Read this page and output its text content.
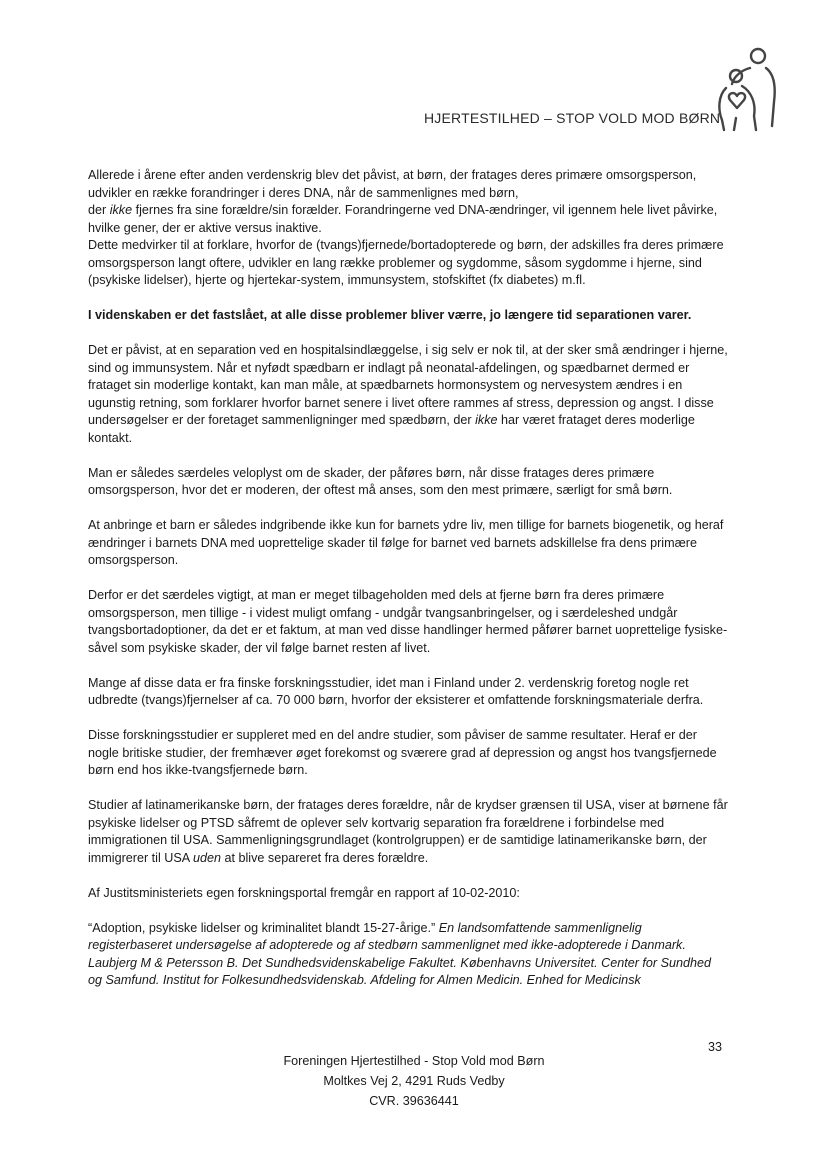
HJERTESTILHED – STOP VOLD MOD BØRN
Allerede i årene efter anden verdenskrig blev det påvist, at børn, der fratages deres primære omsorgsperson, udvikler en række forandringer i deres DNA, når de sammenlignes med børn,
der ikke fjernes fra sine forældre/sin forælder. Forandringerne ved DNA-ændringer, vil igennem hele livet påvirke, hvilke gener, der er aktive versus inaktive.
Dette medvirker til at forklare, hvorfor de (tvangs)fjernede/bortadopterede og børn, der adskilles fra deres primære omsorgsperson langt oftere, udvikler en lang række problemer og sygdomme, såsom sygdomme i hjerne, sind (psykiske lidelser), hjerte og hjertekar-system, immunsystem, stofskiftet (fx diabetes) m.fl.
I videnskaben er det fastslået, at alle disse problemer bliver værre, jo længere tid separationen varer.
Det er påvist, at en separation ved en hospitalsindlæggelse, i sig selv er nok til, at der sker små ændringer i hjerne, sind og immunsystem. Når et nyfødt spædbarn er indlagt på neonatal-afdelingen, og spædbarnet dermed er frataget sin moderlige kontakt, kan man måle, at spædbarnets hormonsystem og nervesystem ændres i en ugunstig retning, som forklarer hvorfor barnet senere i livet oftere rammes af stress, depression og angst. I disse undersøgelser er der foretaget sammenligninger med spædbørn, der ikke har været frataget deres moderlige kontakt.
Man er således særdeles veloplyst om de skader, der påføres børn, når disse fratages deres primære omsorgsperson, hvor det er moderen, der oftest må anses, som den mest primære, særligt for små børn.
At anbringe et barn er således indgribende ikke kun for barnets ydre liv, men tillige for barnets biogenetik, og heraf ændringer i barnets DNA med uoprettelige skader til følge for barnet ved barnets adskillelse fra dens primære omsorgsperson.
Derfor er det særdeles vigtigt, at man er meget tilbageholden med dels at fjerne børn fra deres primære omsorgsperson, men tillige - i videst muligt omfang - undgår tvangsanbringelser, og i særdeleshed undgår tvangsbortadoptioner, da det er et faktum, at man ved disse handlinger hermed påfører barnet uoprettelige fysiske- såvel som psykiske skader, der vil følge barnet resten af livet.
Mange af disse data er fra finske forskningsstudier, idet man i Finland under 2. verdenskrig foretog nogle ret udbredte (tvangs)fjernelser af ca. 70 000 børn, hvorfor der eksisterer et omfattende forskningsmateriale derfra.
Disse forskningsstudier er suppleret med en del andre studier, som påviser de samme resultater. Heraf er der nogle britiske studier, der fremhæver øget forekomst og sværere grad af depression og angst hos tvangsfjernede børn end hos ikke-tvangsfjernede børn.
Studier af latinamerikanske børn, der fratages deres forældre, når de krydser grænsen til USA, viser at børnene får psykiske lidelser og PTSD såfremt de oplever selv kortvarig separation fra forældrene i forbindelse med immigrationen til USA. Sammenligningsgrundlaget (kontrolgruppen) er de samtidige latinamerikanske børn, der immigrerer til USA uden at blive separeret fra deres forældre.
Af Justitsministeriets egen forskningsportal fremgår en rapport af 10-02-2010:
“Adoption, psykiske lidelser og kriminalitet blandt 15-27-årige.” En landsomfattende sammenlignelig registerbaseret undersøgelse af adopterede og af stedbørn sammenlignet med ikke-adopterede i Danmark. Laubjerg M & Petersson B. Det Sundhedsvidenskabelige Fakultet. Københavns Universitet. Center for Sundhed og Samfund. Institut for Folkesundhedsvidenskab. Afdeling for Almen Medicin. Enhed for Medicinsk
33
Foreningen Hjertestilhed - Stop Vold mod Børn
Moltkes Vej 2, 4291 Ruds Vedby
CVR. 39636441
